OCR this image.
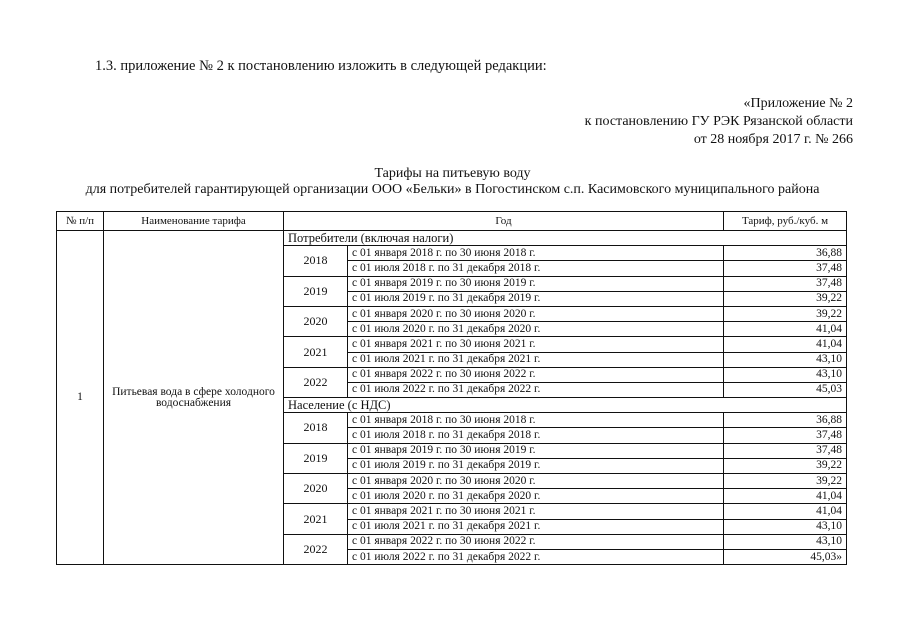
1.3. приложение № 2 к постановлению изложить в следующей редакции:
«Приложение № 2
к постановлению ГУ РЭК Рязанской области
от 28 ноября 2017 г. № 266
Тарифы на питьевую воду
для потребителей гарантирующей организации ООО «Бельки» в Погостинском с.п. Касимовского муниципального района
№ п/п	Наименование тарифа	Год		Тариф, руб./куб. м
1	Питьевая вода в сфере холодного водоснабжения	Потребители (включая налоги)		
		2018	с 01 января 2018 г. по 30 июня 2018 г.	36,88
			с 01 июля 2018 г. по 31 декабря 2018 г.	37,48
		2019	с 01 января 2019 г. по 30 июня 2019 г.	37,48
			с 01 июля 2019 г. по 31 декабря 2019 г.	39,22
		2020	с 01 января 2020 г. по 30 июня 2020 г.	39,22
			с 01 июля 2020 г. по 31 декабря 2020 г.	41,04
		2021	с 01 января 2021 г. по 30 июня 2021 г.	41,04
			с 01 июля 2021 г. по 31 декабря 2021 г.	43,10
		2022	с 01 января 2022 г. по 30 июня 2022 г.	43,10
			с 01 июля 2022 г. по 31 декабря 2022 г.	45,03
		Население (с НДС)		
		2018	с 01 января 2018 г. по 30 июня 2018 г.	36,88
			с 01 июля 2018 г. по 31 декабря 2018 г.	37,48
		2019	с 01 января 2019 г. по 30 июня 2019 г.	37,48
			с 01 июля 2019 г. по 31 декабря 2019 г.	39,22
		2020	с 01 января 2020 г. по 30 июня 2020 г.	39,22
			с 01 июля 2020 г. по 31 декабря 2020 г.	41,04
		2021	с 01 января 2021 г. по 30 июня 2021 г.	41,04
			с 01 июля 2021 г. по 31 декабря 2021 г.	43,10
		2022	с 01 января 2022 г. по 30 июня 2022 г.	43,10
			с 01 июля 2022 г. по 31 декабря 2022 г.	45,03»
